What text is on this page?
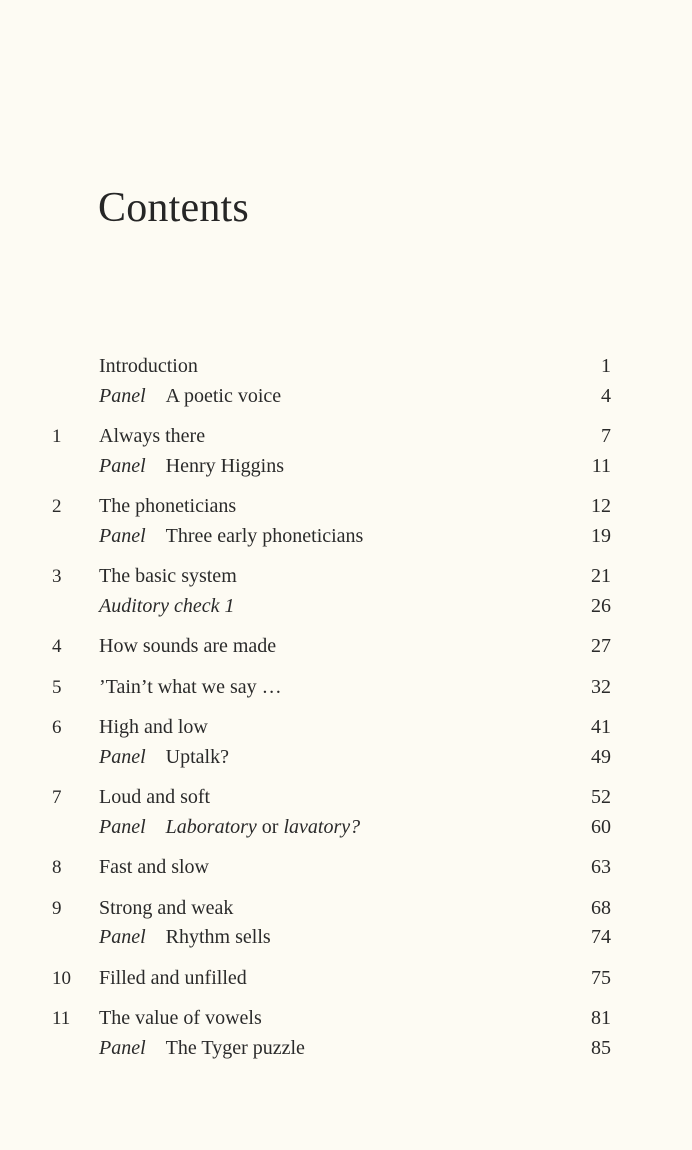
Contents
Introduction	1
Panel A poetic voice	4
1	Always there	7
Panel Henry Higgins	11
2	The phoneticians	12
Panel Three early phoneticians	19
3	The basic system	21
Auditory check 1	26
4	How sounds are made	27
5	’Tain’t what we say …	32
6	High and low	41
Panel Uptalk?	49
7	Loud and soft	52
Panel Laboratory or lavatory?	60
8	Fast and slow	63
9	Strong and weak	68
Panel Rhythm sells	74
10	Filled and unfilled	75
11	The value of vowels	81
Panel The Tyger puzzle	85
